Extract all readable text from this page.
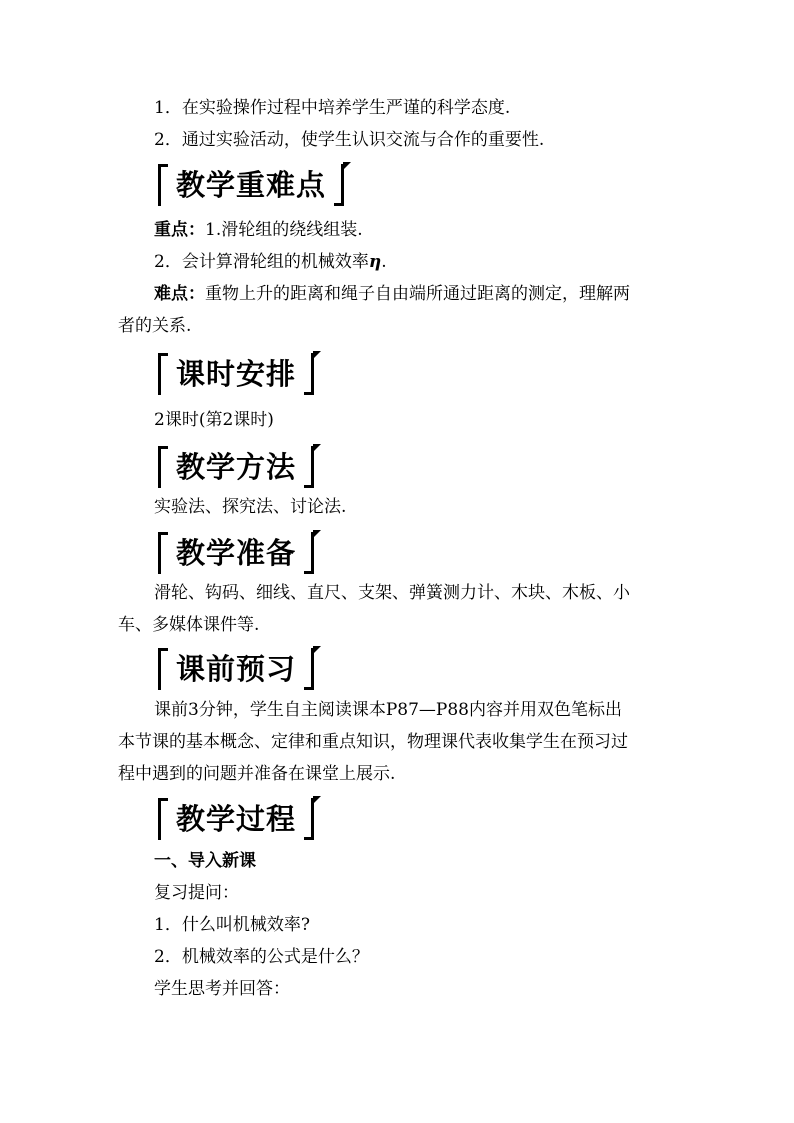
1．在实验操作过程中培养学生严谨的科学态度.
2．通过实验活动，使学生认识交流与合作的重要性.
教学重难点
重点：1.滑轮组的绕线组装.
2．会计算滑轮组的机械效率η.
难点：重物上升的距离和绳子自由端所通过距离的测定，理解两
者的关系.
课时安排
2课时(第2课时)
教学方法
实验法、探究法、讨论法.
教学准备
滑轮、钩码、细线、直尺、支架、弹簧测力计、木块、木板、小
车、多媒体课件等.
课前预习
课前3分钟，学生自主阅读课本P87—P88内容并用双色笔标出
本节课的基本概念、定律和重点知识，物理课代表收集学生在预习过
程中遇到的问题并准备在课堂上展示.
教学过程
一、导入新课
复习提问：
1．什么叫机械效率?
2．机械效率的公式是什么？
学生思考并回答：
